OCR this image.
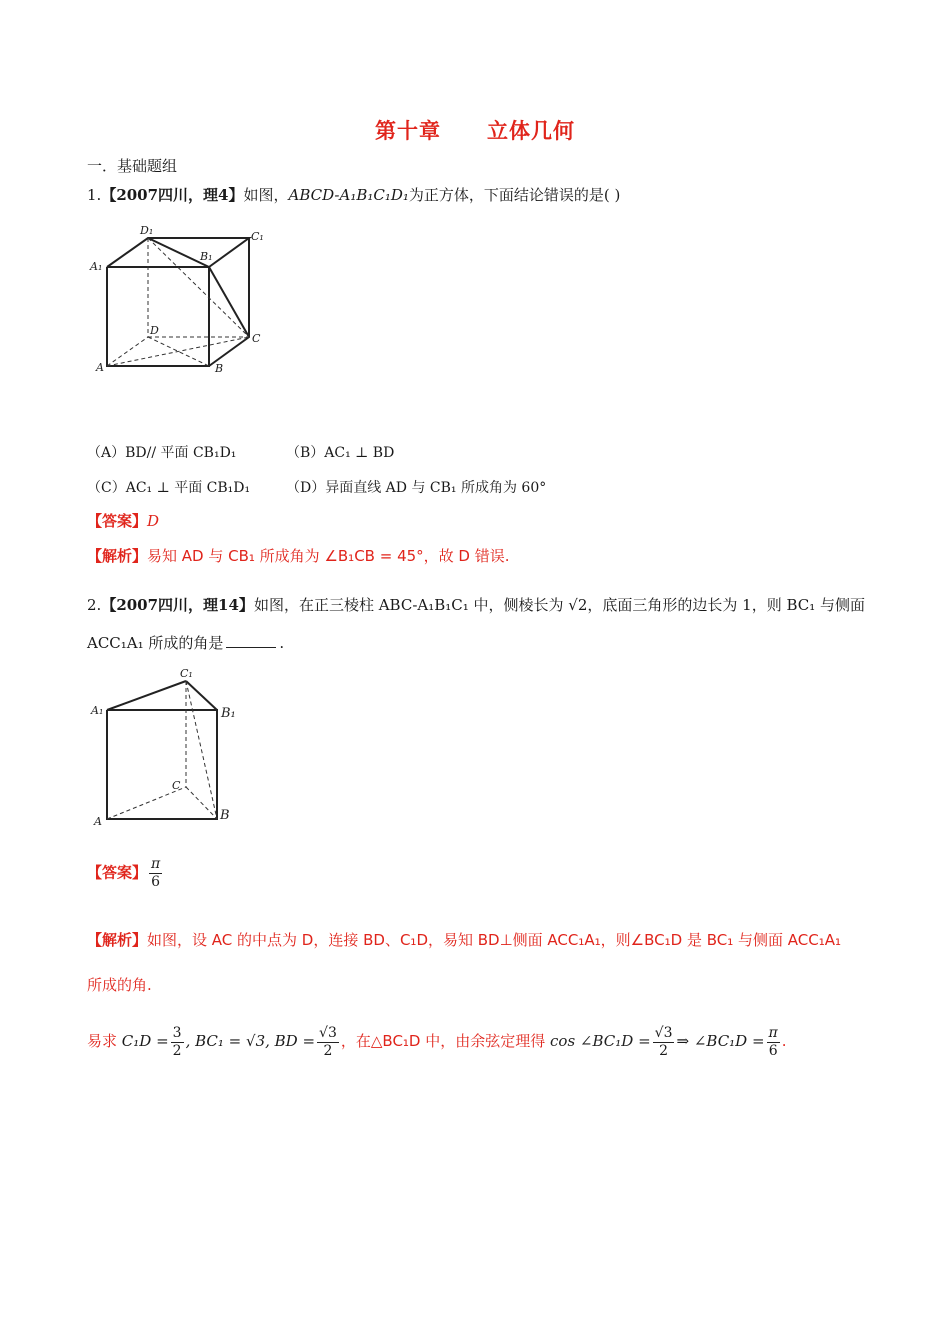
第十章 立体几何
一．基础题组
1.【2007四川，理4】如图，ABCD-A₁B₁C₁D₁为正方体，下面结论错误的是( )
D₁	C₁
A₁
B₁
D
C
A	B
（A）BD// 平面 CB₁D₁	（B）AC₁ ⊥ BD
（C）AC₁ ⊥ 平面 CB₁D₁	（D）异面直线 AD 与 CB₁ 所成角为 60°
【答案】D
【解析】易知 AD 与 CB₁ 所成角为 ∠B₁CB = 45°，故 D 错误.
2.【2007四川，理14】如图，在正三棱柱 ABC-A₁B₁C₁ 中，侧棱长为 √2，底面三角形的边长为 1，则 BC₁ 与侧面
ACC₁A₁ 所成的角是	.
C₁
A₁	B₁
C
A	B
【答案】 $\frac{\pi}{6}$
【解析】如图，设 AC 的中点为 D，连接 BD、C₁D，易知 BD⊥侧面 ACC₁A₁，则∠BC₁D 是 BC₁ 与侧面 ACC₁A₁
所成的角.
易求 $C_1D = \frac{3}{2}$ , BC₁ = √3, BD = $\frac{√3}{2}$ ，在△BC₁D 中，由余弦定理得 cos ∠BC₁D = $\frac{√3}{2}$ ⇒ ∠BC₁D = $\frac{\pi}{6}$ .
